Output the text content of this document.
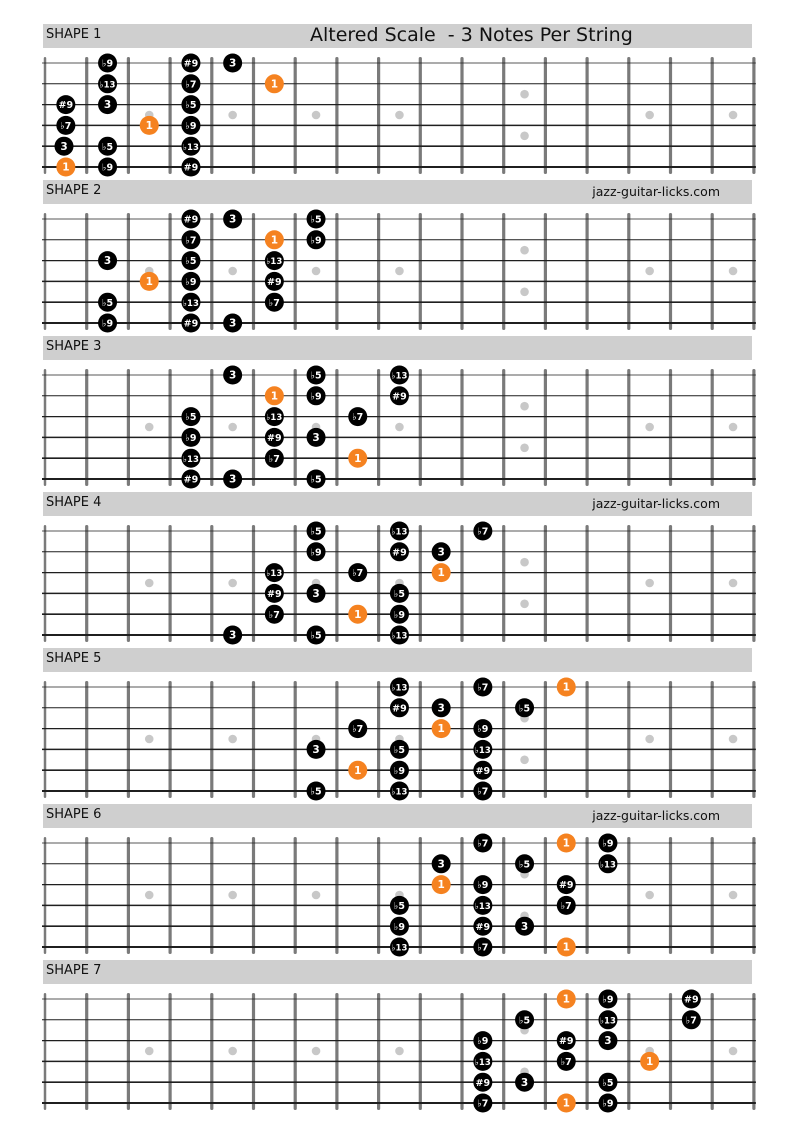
Altered Scale  - 3 Notes Per String
SHAPE 1
♭9	#9	3
♭13	♭7	1
#9	3	♭5
♭7	1	♭9
3	♭5	♭13
1	♭9	#9
SHAPE 2	jazz-guitar-licks.com
#9	3	♭5
♭7	1	♭9
3	♭5	♭13
1	♭9	#9
♭5	♭13	♭7
♭9	#9	3
SHAPE 3
3	♭5	♭13
1	♭9	#9
♭5	♭13	♭7
♭9	#9	3
♭13	♭7	1
#9	3	♭5
SHAPE 4	jazz-guitar-licks.com
♭5	♭13	♭7
♭9	#9	3
♭13	♭7	1
#9	3	♭5
♭7	1	♭9
3	♭5	♭13
SHAPE 5
♭13	♭7	1
#9	3	♭5
♭7	1	♭9
3	♭5	♭13
1	♭9	#9
♭5	♭13	♭7
SHAPE 6	jazz-guitar-licks.com
♭7	1	♭9
3	♭5	♭13
1	♭9	#9
♭5	♭13	♭7
♭9	#9	3
♭13	♭7	1
SHAPE 7
1	♭9	#9
♭5	♭13	♭7
♭9	#9	3
♭13	♭7	1
#9	3	♭5
♭7	1	♭9
